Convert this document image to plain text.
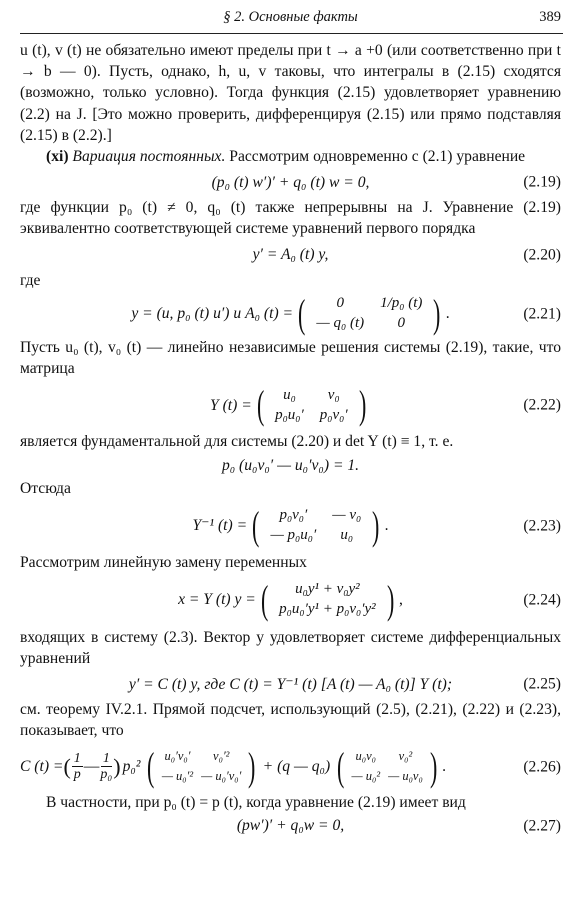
§ 2. Основные факты	389

u (t), v (t) не обязательно имеют пределы при t → a +0 (или соответственно при t → b — 0). Пусть, однако, h, u, v таковы, что интегралы в (2.15) сходятся (возможно, только условно). Тогда функция (2.15) удовлетворяет уравнению (2.2) на J. [Это можно проверить, дифференцируя (2.15) или прямо подставляя (2.15) в (2.2).]

(xi) Вариация постоянных. Рассмотрим одновременно с (2.1) уравнение

(p₀ (t) w′)′ + q₀ (t) w = 0,	(2.19)

где функции p₀ (t) ≠ 0, q₀ (t) также непрерывны на J. Уравнение (2.19) эквивалентно соответствующей системе уравнений первого порядка

y′ = A₀ (t) y,	(2.20)

где

y = (u, p₀ (t) u′) и A₀ (t) = ( 0	1/p₀ (t)
— q₀ (t)	0 ) .	(2.21)

Пусть u₀ (t), v₀ (t) — линейно независимые решения системы (2.19), такие, что матрица

Y (t) = ( u₀	v₀
p₀u₀′	p₀v₀′ )	(2.22)

является фундаментальной для системы (2.20) и det Y (t) ≡ 1, т. е.

p₀ (u₀v₀′ — u₀′v₀) = 1.

Отсюда

Y⁻¹ (t) = ( p₀v₀′	— v₀
— p₀u₀′	u₀ ) .	(2.23)

Рассмотрим линейную замену переменных

x = Y (t) y = ( u₀y¹ + v₀y²
p₀u₀′y¹ + p₀v₀′y² ) ,	(2.24)

входящих в систему (2.3). Вектор y удовлетворяет системе дифференциальных уравнений

y′ = C (t) y, где C (t) = Y⁻¹ (t) [A (t) — A₀ (t)] Y (t);	(2.25)

см. теорему IV.2.1. Прямой подсчет, использующий (2.5), (2.21), (2.22) и (2.23), показывает, что

C (t) = ( $\frac{1}{p}$ — $\frac{1}{\text{p₀}}$ ) p₀² ( u₀′v₀′	v₀′²
— u₀′²	— u₀′v₀′ ) + (q — q₀) ( u₀v₀	v₀²
— u₀²	— u₀v₀ ) .	(2.26)

В частности, при p₀ (t) = p (t), когда уравнение (2.19) имеет вид

(pw′)′ + q₀w = 0,	(2.27)
